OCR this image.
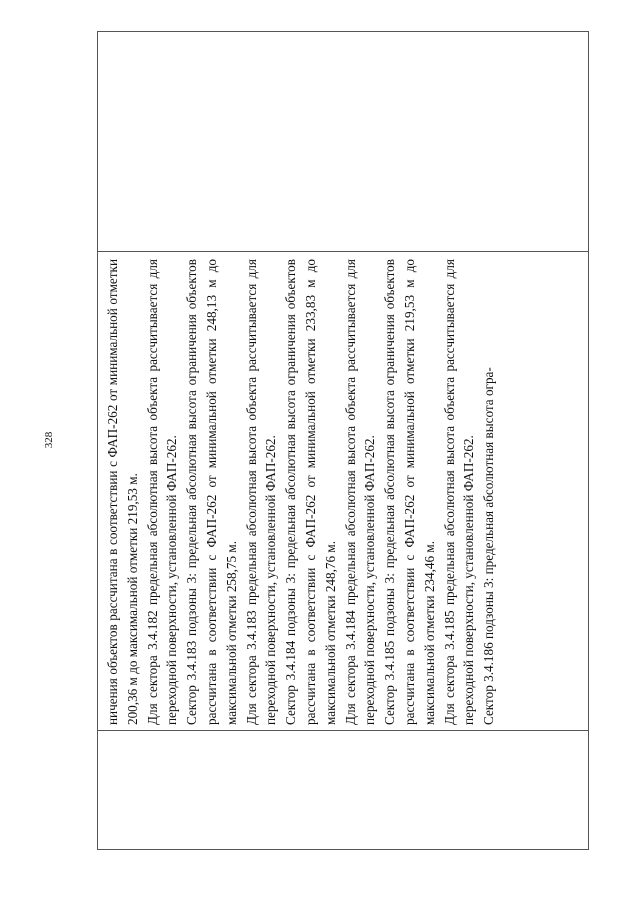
328	ничения объектов рассчитана в соответствии с ФАП-262 от минимальной отметки 200,36 м до максимальной отметки 219,53 м. Для сектора 3.4.182 предельная абсолютная высота объекта рассчитывается для переходной поверхности, установленной ФАП-262. Сектор 3.4.183 подзоны 3: предельная абсолютная высота ограничения объектов рассчитана в соответствии с ФАП-262 от минимальной отметки 248,13 м до максимальной отметки 258,75 м. Для сектора 3.4.183 предельная абсолютная высота объекта рассчитывается для переходной поверхности, установленной ФАП-262. Сектор 3.4.184 подзоны 3: предельная абсолютная высота ограничения объектов рассчитана в соответствии с ФАП-262 от минимальной отметки 233,83 м до максимальной отметки 248,76 м. Для сектора 3.4.184 предельная абсолютная высота объекта рассчитывается для переходной поверхности, установленной ФАП-262. Сектор 3.4.185 подзоны 3: предельная абсолютная высота ограничения объектов рассчитана в соответствии с ФАП-262 от минимальной отметки 219,53 м до максимальной отметки 234,46 м. Для сектора 3.4.185 предельная абсолютная высота объекта рассчитывается для переходной поверхности, установленной ФАП-262. Сектор 3.4.186 подзоны 3: предельная абсолютная высота огра-
